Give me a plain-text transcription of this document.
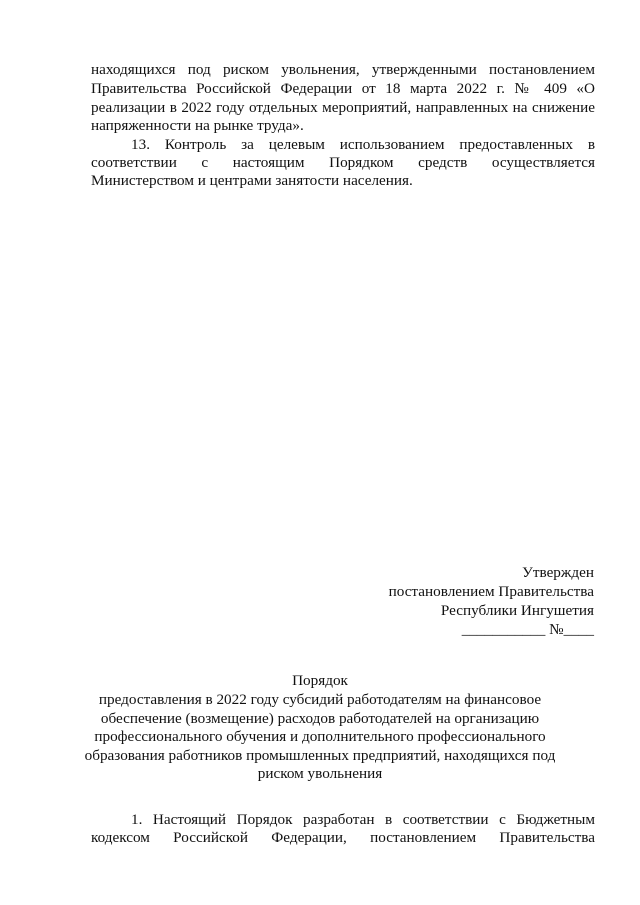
находящихся под риском увольнения, утвержденными постановлением

Правительства Российской Федерации от 18 марта 2022 г. № 409 «О

реализации в 2022 году отдельных мероприятий, направленных на снижение

напряженности на рынке труда».

13. Контроль за целевым использованием предоставленных в

соответствии с настоящим Порядком средств осуществляется

Министерством и центрами занятости населения.

Утвержден
постановлением Правительства
Республики Ингушетия
___________ №____
Порядок
предоставления в 2022 году субсидий работодателям на финансовое
обеспечение (возмещение) расходов работодателей на организацию
профессионального обучения и дополнительного профессионального
образования работников промышленных предприятий, находящихся под
риском увольнения

1. Настоящий Порядок разработан в соответствии с Бюджетным

кодексом Российской Федерации, постановлением Правительства
